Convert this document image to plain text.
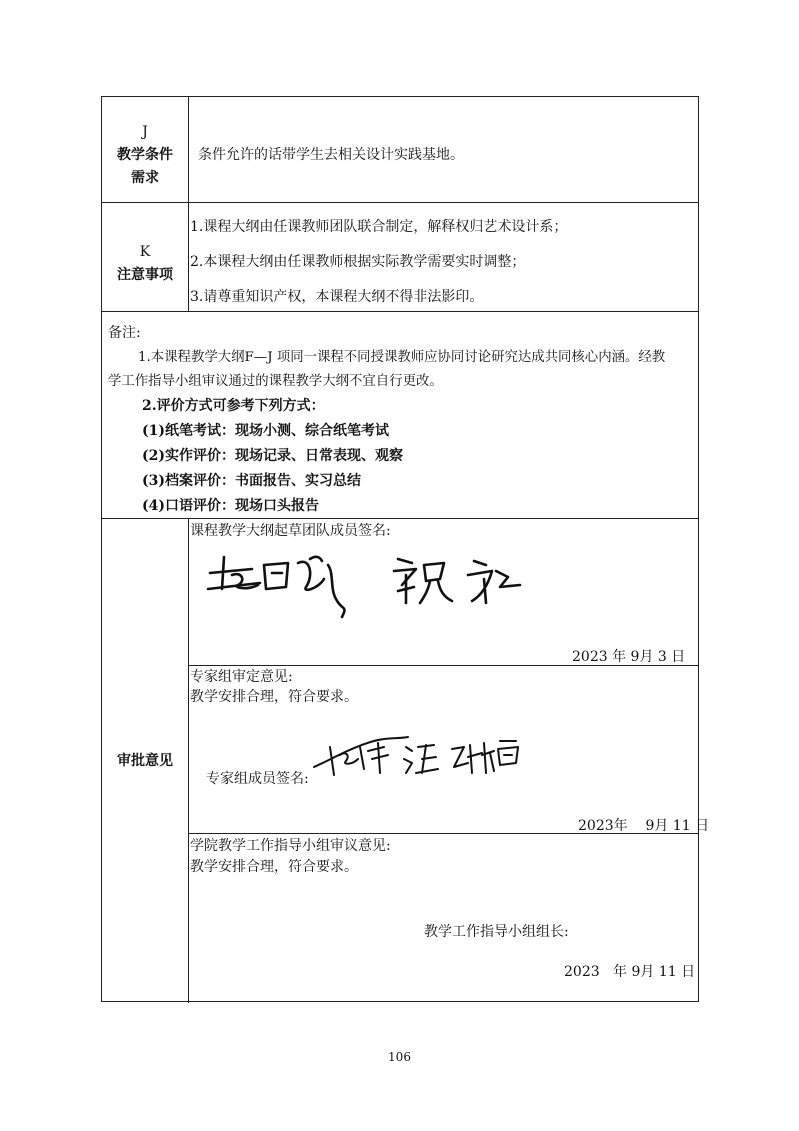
J
教学条件
需求
条件允许的话带学生去相关设计实践基地。
K
注意事项
1.课程大纲由任课教师团队联合制定，解释权归艺术设计系；
2.本课程大纲由任课教师根据实际教学需要实时调整；
3.请尊重知识产权，本课程大纲不得非法影印。
备注:
1.本课程教学大纲F—J 项同一课程不同授课教师应协同讨论研究达成共同核心内涵。经教
学工作指导小组审议通过的课程教学大纲不宜自行更改。
2.评价方式可参考下列方式：
(1)纸笔考试：现场小测、综合纸笔考试
(2)实作评价：现场记录、日常表现、观察
(3)档案评价：书面报告、实习总结
(4)口语评价：现场口头报告
审批意见
课程教学大纲起草团队成员签名:
2023 年 9月 3 日
专家组审定意见:
教学安排合理，符合要求。
专家组成员签名:
2023年 9月 11 日
学院教学工作指导小组审议意见:
教学安排合理，符合要求。
教学工作指导小组组长:
2023 年 9月 11 日
106
